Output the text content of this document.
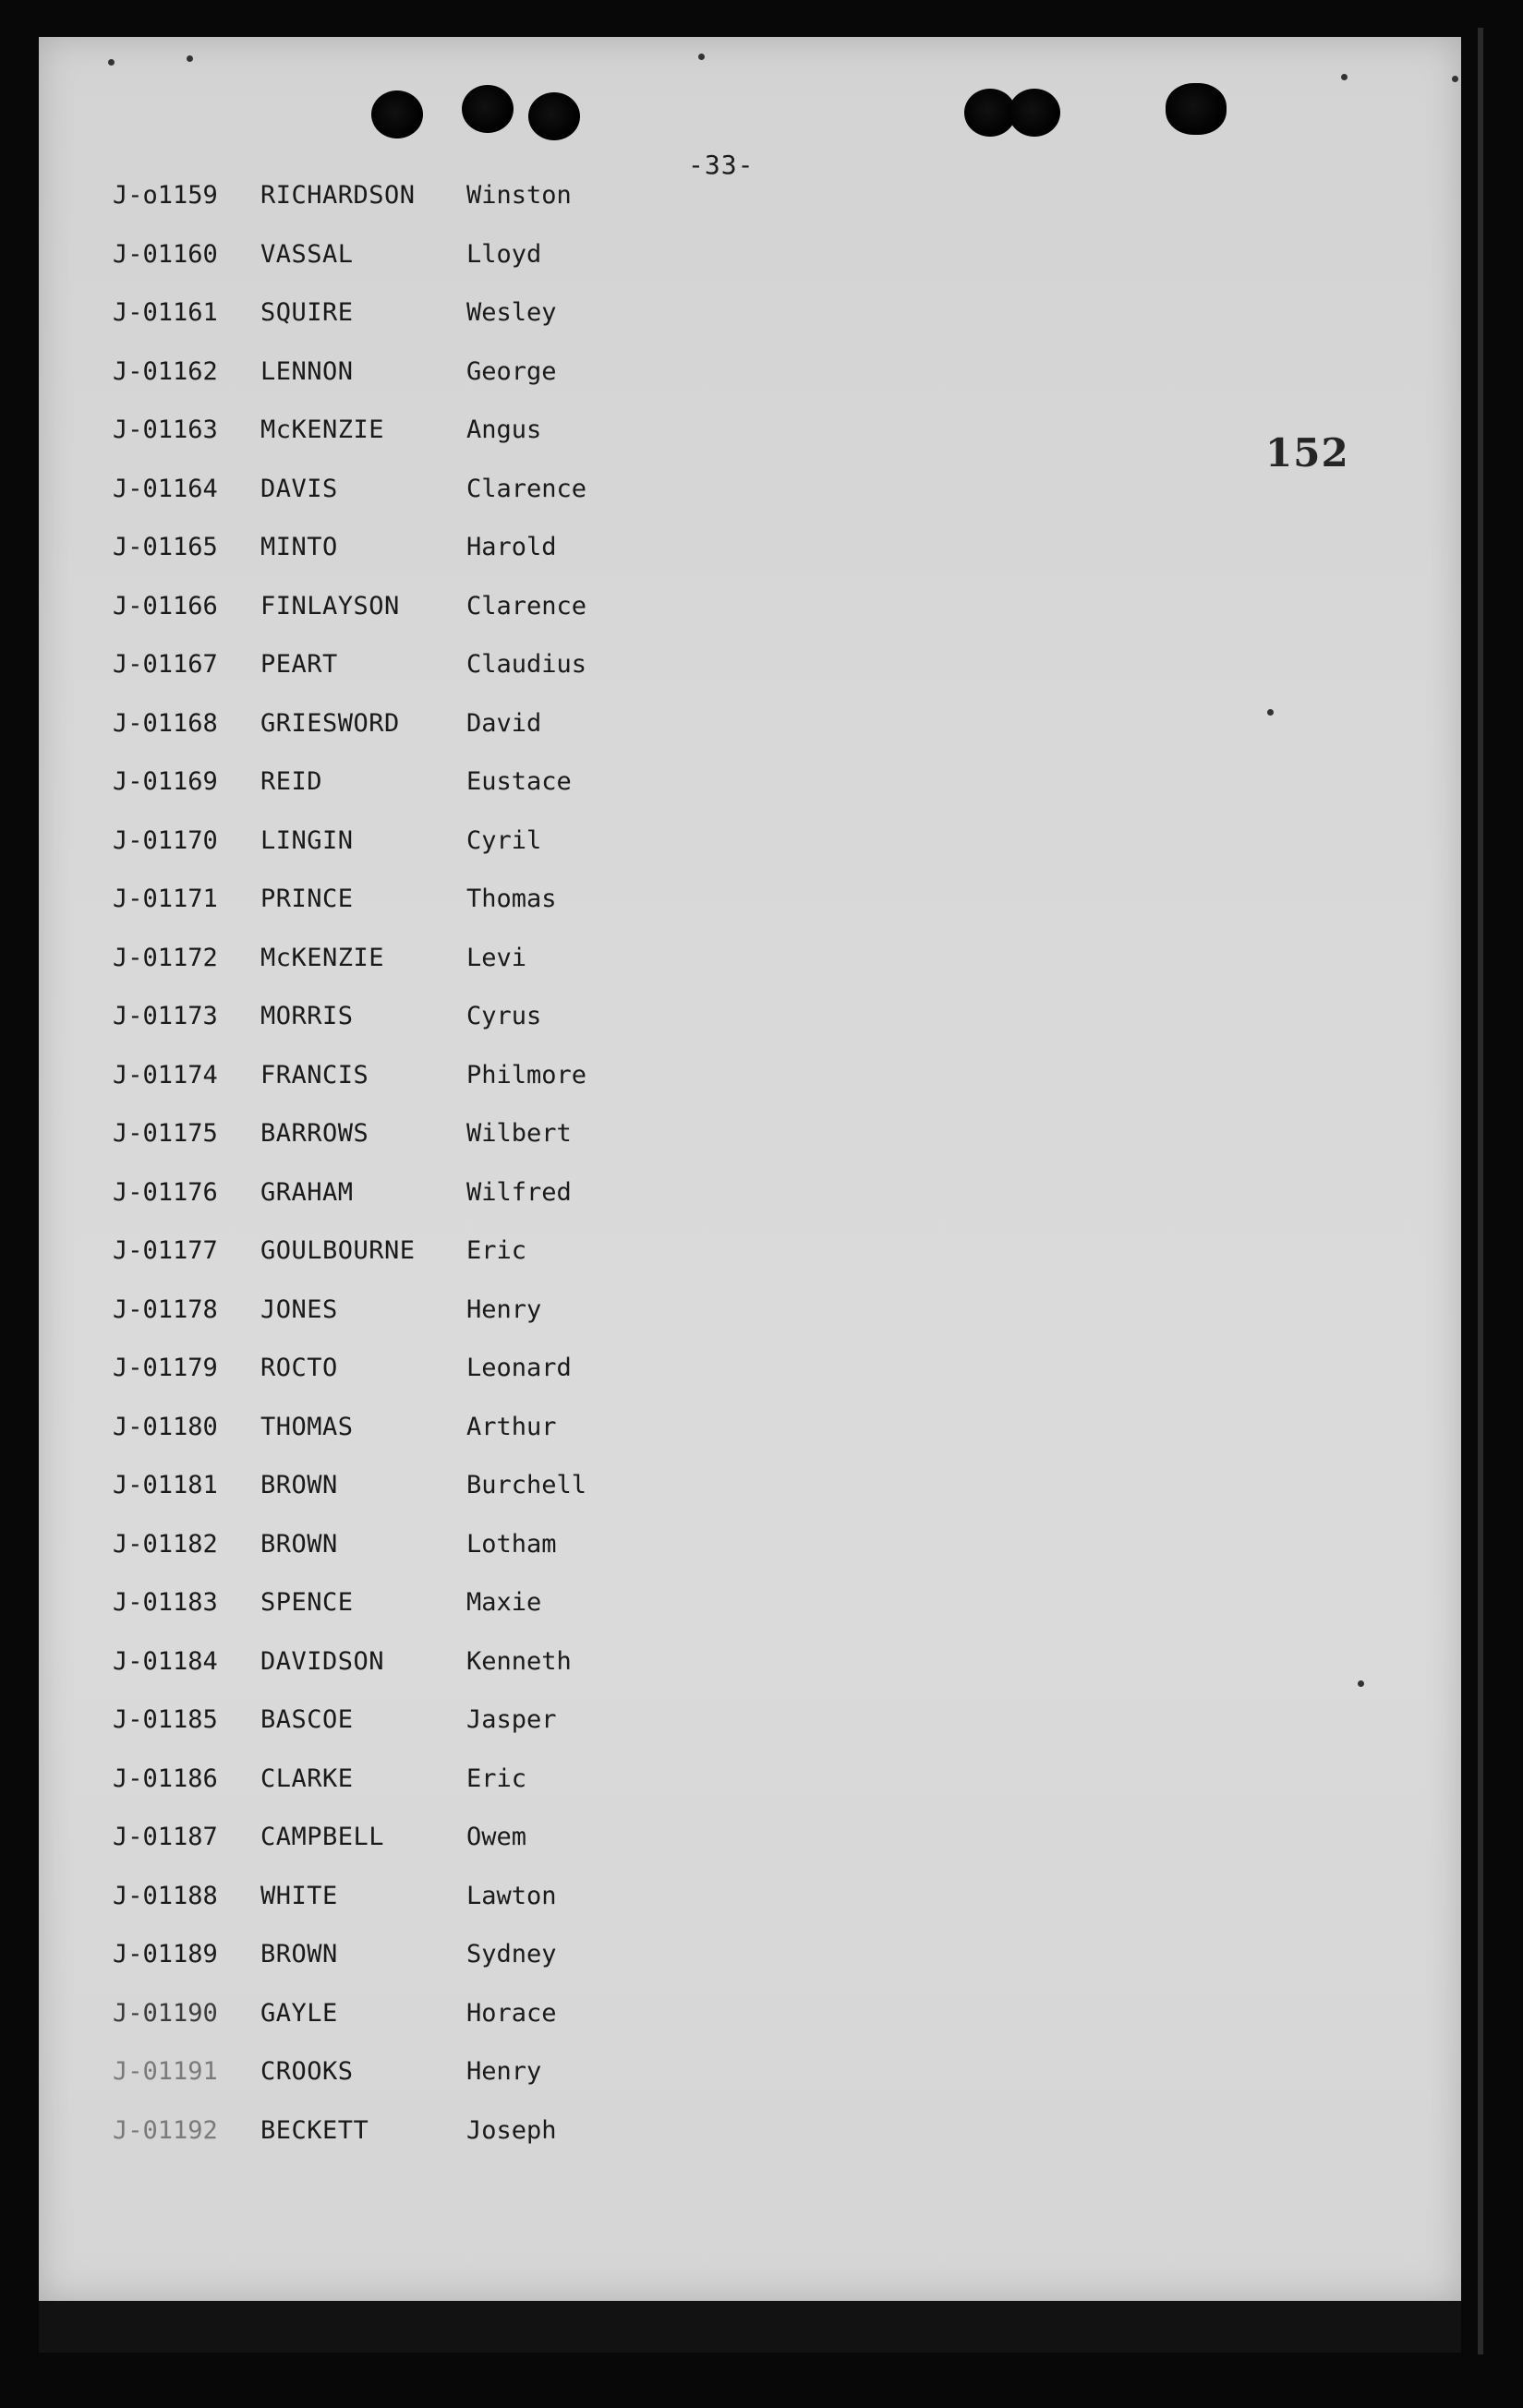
-33-
152
J-o1159 RICHARDSON Winston
J-01160 VASSAL	Lloyd
J-01161 SQUIRE	Wesley
J-01162 LENNON	George
J-01163 McKENZIE	Angus
J-01164 DAVIS	Clarence
J-01165 MINTO	Harold
J-01166 FINLAYSON	Clarence
J-01167 PEART	Claudius
J-01168 GRIESWORD	David
J-01169 REID	Eustace
J-01170 LINGIN	Cyril
J-01171 PRINCE	Thomas
J-01172 McKENZIE	Levi
J-01173 MORRIS	Cyrus
J-01174 FRANCIS	Philmore
J-01175 BARROWS	Wilbert
J-01176 GRAHAM	Wilfred
J-01177 GOULBOURNE Eric
J-01178 JONES	Henry
J-01179 ROCTO	Leonard
J-01180 THOMAS	Arthur
J-01181 BROWN	Burchell
J-01182 BROWN	Lotham
J-01183 SPENCE	Maxie
J-01184 DAVIDSON	Kenneth
J-01185 BASCOE	Jasper
J-01186 CLARKE	Eric
J-01187 CAMPBELL	Owem
J-01188 WHITE	Lawton
J-01189 BROWN	Sydney
J-01190 GAYLE	Horace
J-01191 CROOKS	Henry
J-01192 BECKETT	Joseph
